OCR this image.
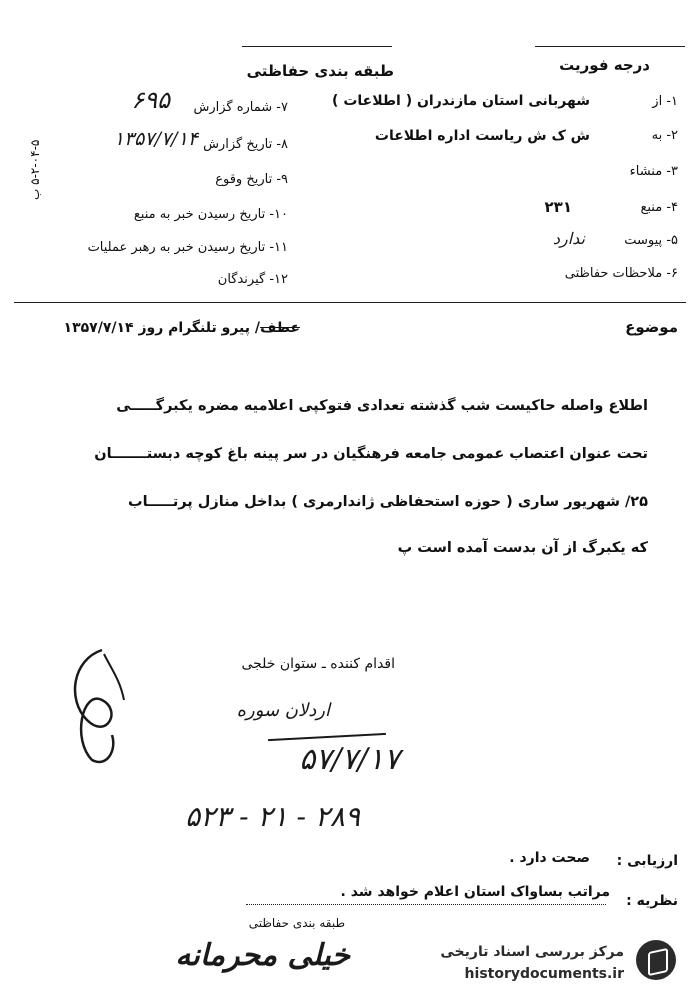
درجه فوریت
طبقه بندی حفاظتی
۵-۲-۰۴-۵ ب
۱- از
شهربانی استان مازندران ( اطلاعات )
۲- به
ش ک ش ریاست اداره اطلاعات
۳- منشاء
۴- منبع
۲۳۱
۵- پیوست
ندارد
۶- ملاحظات حفاظتی
۷- شماره گزارش
۶۹۵
۸- تاریخ گزارش
۱۳۵۷/۷/۱۴
۹- تاریخ وقوع
۱۰- تاریخ رسیدن خبر به منبع
۱۱- تاریخ رسیدن خبر به رهبر عملیات
۱۲- گیرندگان
موضوع
عطف
/ پیرو تلنگرام روز ۱۳۵۷/۷/۱۴
اطلاع واصله حاکیست شب گذشته تعدادی فتوکپی اعلامیه مضره یکبرگـــــی
تحت عنوان اعتصاب عمومی جامعه فرهنگیان در سر پینه باغ کوچه دبستـــــــان
۲۵/ شهریور ساری ( حوزه استحفاظی ژاندارمری ) بداخل منازل پرتـــــاب
که یکبرگ از آن بدست آمده است پ
اقدام کننده ـ ستوان خلجی
اردلان سوره
۵۷/۷/۱۷
۵۲۳ - ۲۱ - ۲۸۹
ارزیابی :
صحت دارد .
نظریه :
مراتب بساواک استان اعلام خواهد شد .
طبقه بندی حفاظتی
خیلی محرمانه	مرکز بررسی اسناد تاریخی
historydocuments.ir
